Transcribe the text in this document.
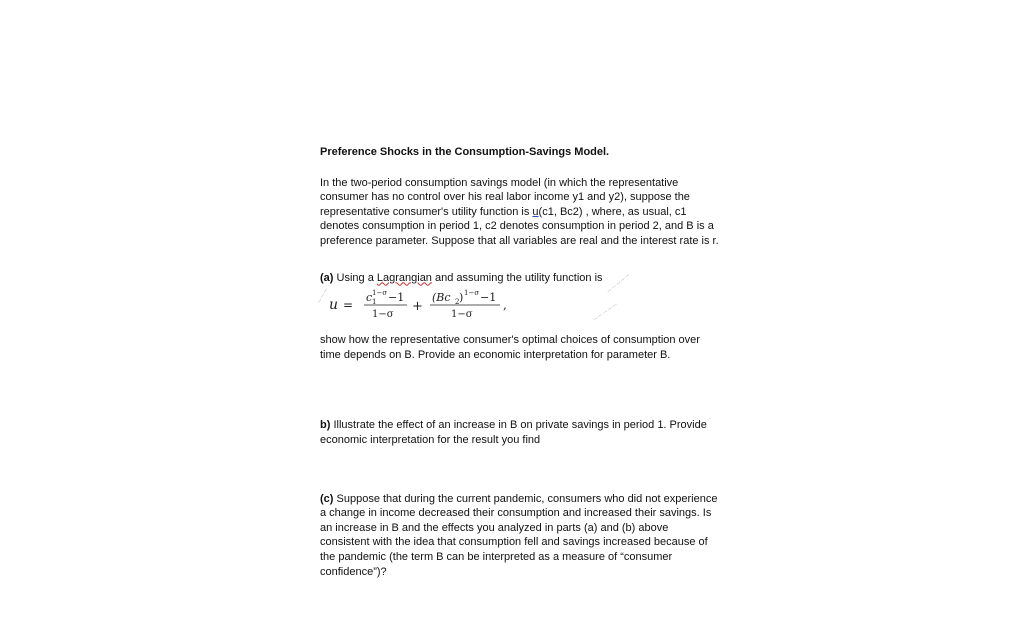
Preference Shocks in the Consumption-Savings Model.

In the two-period consumption savings model (in which the representative consumer has no control over his real labor income y1 and y2), suppose the representative consumer's utility function is u(c1, Bc2) , where, as usual, c1 denotes consumption in period 1, c2 denotes consumption in period 2, and B is a preference parameter. Suppose that all variables are real and the interest rate is r.

(a) Using a Lagrangian and assuming the utility function is

~~~
~~~~~
~~~~~
u =
c 1
1−σ −1
1−σ
+
(Bc 2 ) 1−σ −1
1−σ
,

show how the representative consumer's optimal choices of consumption over time depends on B. Provide an economic interpretation for parameter B.

b) Illustrate the effect of an increase in B on private savings in period 1. Provide economic interpretation for the result you find

(c) Suppose that during the current pandemic, consumers who did not experience a change in income decreased their consumption and increased their savings. Is an increase in B and the effects you analyzed in parts (a) and (b) above consistent with the idea that consumption fell and savings increased because of the pandemic (the term B can be interpreted as a measure of “consumer confidence”)?
